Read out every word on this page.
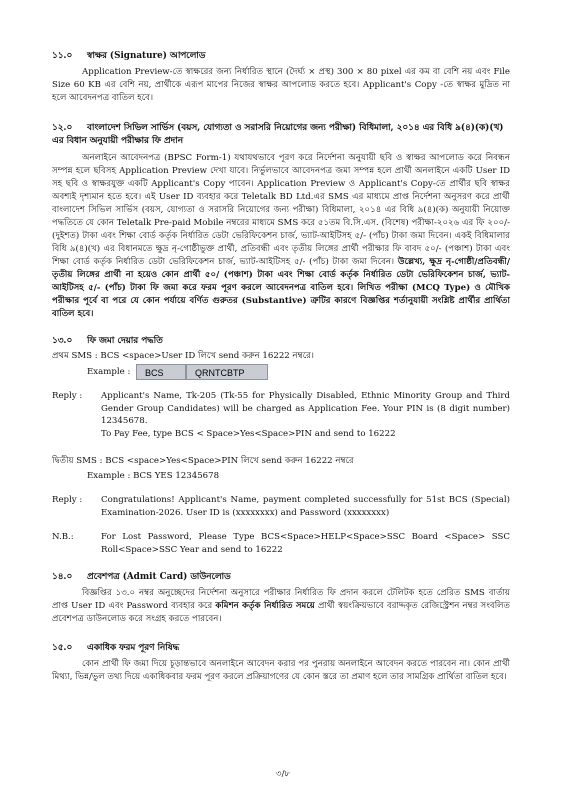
১১.০ স্বাক্ষর (Signature) আপলোড
Application Preview-তে স্বাক্ষরের জন্য নির্ধারিত স্থানে (দৈর্ঘ্য × প্রস্থ) 300 × 80 pixel এর কম বা বেশি নয় এবং File Size 60 KB এর বেশি নয়, প্রার্থীকে এরূপ মাপের নিজের স্বাক্ষর আপলোড করতে হবে। Applicant's Copy -তে স্বাক্ষর মুদ্রিত না হলে আবেদনপত্র বাতিল হবে।
১২.০ বাংলাদেশ সিভিল সার্ভিস (বয়স, যোগ্যতা ও সরাসরি নিয়োগের জন্য পরীক্ষা) বিধিমালা, ২০১৪ এর বিধি ৯(৪)(ক)(খ) এর বিধান অনুযায়ী পরীক্ষার ফি প্রদান
অনলাইনে আবেদনপত্র (BPSC Form-1) যথাযথভাবে পূরণ করে নির্দেশনা অনুযায়ী ছবি ও স্বাক্ষর আপলোড করে নিবন্ধন সম্পন্ন হলে ছবিসহ Application Preview দেখা যাবে। নির্ভুলভাবে আবেদনপত্র জমা সম্পন্ন হলে প্রার্থী অনলাইনে একটি User ID সহ ছবি ও স্বাক্ষরযুক্ত একটি Applicant's Copy পাবেন। Application Preview ও Applicant's Copy-তে প্রার্থীর ছবি স্বাক্ষর অবশ্যই দৃশ্যমান হতে হবে। এই User ID ব্যবহার করে Teletalk BD Ltd.এর SMS এর মাধ্যমে প্রাপ্ত নির্দেশনা অনুসরণ করে প্রার্থী বাংলাদেশ সিভিল সার্ভিস (বয়স, যোগ্যতা ও সরাসরি নিয়োগের জন্য পরীক্ষা) বিধিমালা, ২০১৪ এর বিধি ৯(৪)(ক) অনুযায়ী নিয়োক্ত পদ্ধতিতে যে কোন Teletalk Pre-paid Mobile নম্বরের মাধ্যমে SMS করে ৫১তম বি.সি.এস. (বিশেষ) পরীক্ষা-২০২৬ এর ফি ২০০/- (দুইশত) টাকা এবং শিক্ষা বোর্ড কর্তৃক নির্ধারিত ডেটা ভেরিফিকেশন চার্জ, ভ্যাট-আইটিসহ ৫/- (পাঁচ) টাকা জমা দিবেন। একই বিধিমালার বিধি ৯(৪)(খ) এর বিধানমতে ক্ষুদ্র নৃ-গোষ্ঠীভুক্ত প্রার্থী, প্রতিবন্ধী এবং তৃতীয় লিঙ্গের প্রার্থী পরীক্ষার ফি বাবদ ৫০/- (পঞ্চাশ) টাকা এবং শিক্ষা বোর্ড কর্তৃক নির্ধারিত ডেটা ভেরিফিকেশন চার্জ, ভ্যাট-আইটিসহ ৫/- (পাঁচ) টাকা জমা দিবেন। উল্লেখ্য, ক্ষুদ্র নৃ-গোষ্ঠী/প্রতিবন্ধী/তৃতীয় লিঙ্গের প্রার্থী না হয়েও কোন প্রার্থী ৫০/ (পঞ্চাশ) টাকা এবং শিক্ষা বোর্ড কর্তৃক নির্ধারিত ডেটা ভেরিফিকেশন চার্জ, ভ্যাট-আইটিসহ ৫/- (পাঁচ) টাকা ফি জমা করে ফরম পূরণ করলে আবেদনপত্র বাতিল হবে। লিখিত পরীক্ষা (MCQ Type) ও মৌখিক পরীক্ষার পূর্বে বা পরে যে কোন পর্যায়ে বর্ণিত গুরুতর (Substantive) ত্রুটির কারণে বিজ্ঞপ্তির শর্তানুযায়ী সংশ্লিষ্ট প্রার্থীর প্রার্থিতা বাতিল হবে।
১৩.০ ফি জমা দেয়ার পদ্ধতি
প্রথম SMS : BCS <space>User ID লিখে send করুন 16222 নম্বরে।
Example :	BCS	QRNTCBTP
Reply : Applicant's Name, Tk-205 (Tk-55 for Physically Disabled, Ethnic Minority Group and Third Gender Group Candidates) will be charged as Application Fee. Your PIN is (8 digit number) 12345678.
To Pay Fee, type BCS < Space>Yes<Space>PIN and send to 16222
দ্বিতীয় SMS : BCS <space>Yes<Space>PIN লিখে send করুন 16222 নম্বরে
Example : BCS YES 12345678
Reply : Congratulations! Applicant's Name, payment completed successfully for 51st BCS (Special) Examination-2026. User ID is (xxxxxxxx) and Password (xxxxxxxx)
N.B.:	For Lost Password, Please Type BCS<Space>HELP<Space>SSC Board <Space> SSC Roll<Space>SSC Year and send to 16222
১৪.০ প্রবেশপত্র (Admit Card) ডাউনলোড
বিজ্ঞপ্তির ১৩.০ নম্বর অনুচ্ছেদের নির্দেশনা অনুসারে পরীক্ষার নির্ধারিত ফি প্রদান করলে টেলিটক হতে প্রেরিত SMS বার্তায় প্রাপ্ত User ID এবং Password ব্যবহার করে কমিশন কর্তৃক নির্ধারিত সময়ে প্রার্থী স্বয়ংক্রিয়ভাবে বরাদ্দকৃত রেজিস্ট্রেশন নম্বর সংবলিত প্রবেশপত্র ডাউনলোড করে সংগ্রহ করতে পারবেন।
১৫.০ একাধিক ফরম পূরণ নিষিদ্ধ
কোন প্রার্থী ফি জমা দিয়ে চূড়ান্তভাবে অনলাইনে আবেদন করার পর পুনরায় অনলাইনে আবেদন করতে পারবেন না। কোন প্রার্থী মিথ্যা, ভিন্ন/ভুল তথ্য দিয়ে একাধিকবার ফরম পূরণ করলে প্রক্রিয়াগণের যে কোন স্তরে তা প্রমাণ হলে তার সামগ্রিক প্রার্থিতা বাতিল হবে।
৩/৮
